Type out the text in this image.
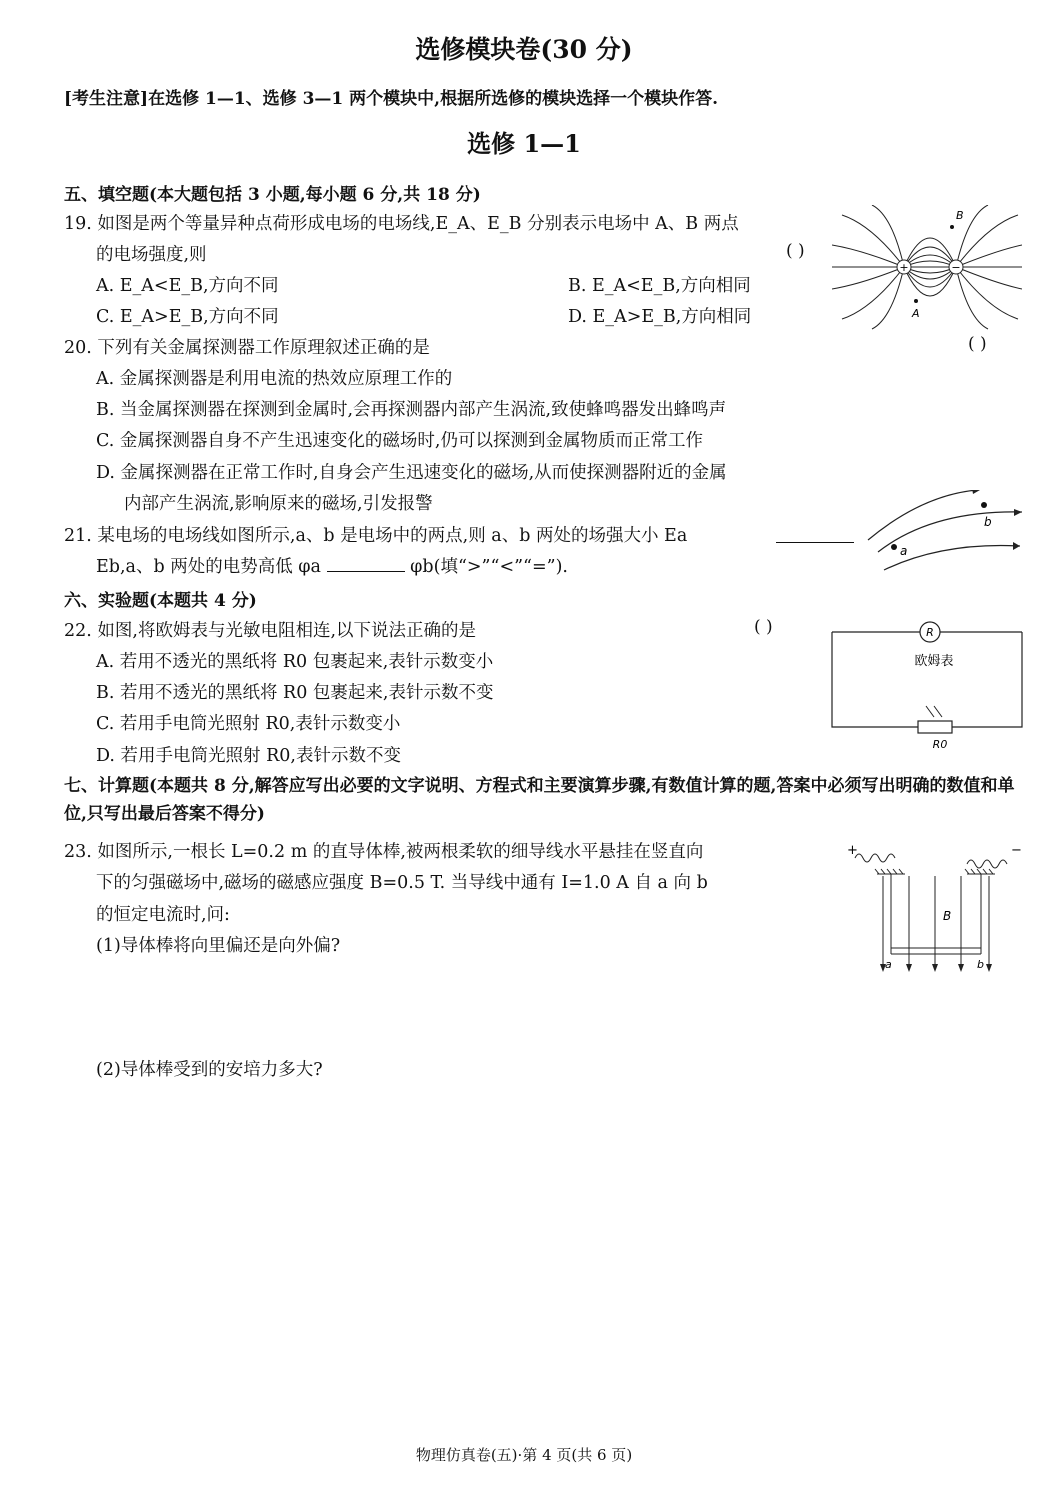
选修模块卷(30 分)
[考生注意]在选修 1—1、选修 3—1 两个模块中,根据所选修的模块选择一个模块作答.
选修 1—1
五、填空题(本大题包括 3 小题,每小题 6 分,共 18 分)
19. 如图是两个等量异种点荷形成电场的电场线,E_A、E_B 分别表示电场中 A、B 两点
的电场强度,则	( )
A. E_A<E_B,方向不同	B. E_A<E_B,方向相同
C. E_A>E_B,方向不同	D. E_A>E_B,方向相同
+	−
A
B
20. 下列有关金属探测器工作原理叙述正确的是	( )
A. 金属探测器是利用电流的热效应原理工作的
B. 当金属探测器在探测到金属时,会再探测器内部产生涡流,致使蜂鸣器发出蜂鸣声
C. 金属探测器自身不产生迅速变化的磁场时,仍可以探测到金属物质而正常工作
D. 金属探测器在正常工作时,自身会产生迅速变化的磁场,从而使探测器附近的金属
内部产生涡流,影响原来的磁场,引发报警
21. 某电场的电场线如图所示,a、b 是电场中的两点,则 a、b 两处的场强大小 Ea
Eb,a、b 两处的电势高低 φa	φb(填“>”“<”“=”).
a
b
六、实验题(本题共 4 分)
22. 如图,将欧姆表与光敏电阻相连,以下说法正确的是	( )
A. 若用不透光的黑纸将 R0 包裹起来,表针示数变小
B. 若用不透光的黑纸将 R0 包裹起来,表针示数不变
C. 若用手电筒光照射 R0,表针示数变小
D. 若用手电筒光照射 R0,表针示数不变
R
欧姆表
R0
七、计算题(本题共 8 分,解答应写出必要的文字说明、方程式和主要演算步骤,有数值计算的题,答案中必须写出明确的数值和单位,只写出最后答案不得分)
23. 如图所示,一根长 L=0.2 m 的直导体棒,被两根柔软的细导线水平悬挂在竖直向
下的匀强磁场中,磁场的磁感应强度 B=0.5 T. 当导线中通有 I=1.0 A 自 a 向 b
的恒定电流时,问:
(1)导体棒将向里偏还是向外偏?
(2)导体棒受到的安培力多大?
+	−
B
a	b
物理仿真卷(五)·第 4 页(共 6 页)
